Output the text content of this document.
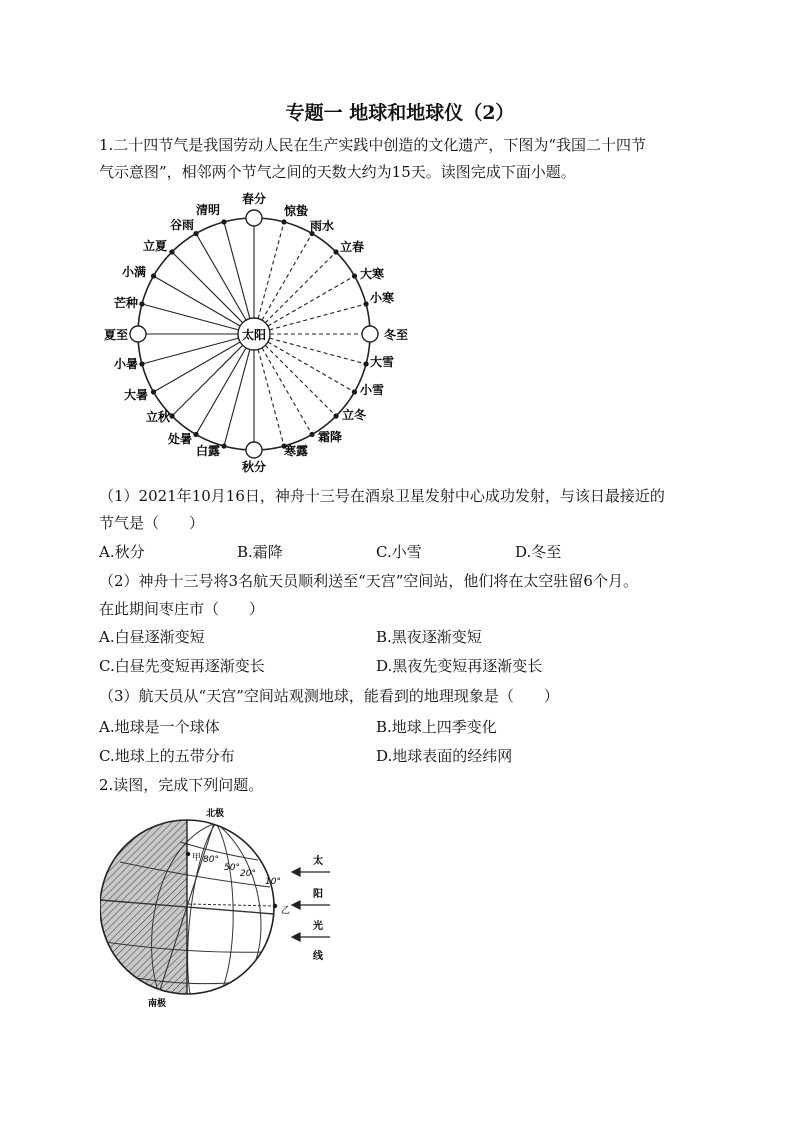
专题一 地球和地球仪（2）
1.二十四节气是我国劳动人民在生产实践中创造的文化遗产，下图为“我国二十四节
气示意图”，相邻两个节气之间的天数大约为15天。读图完成下面小题。
太阳
春分
秋分
夏至	冬至
清明
谷雨
立夏
小满
芒种
小暑
大暑
立秋
处暑
白露
惊蛰
雨水
立春
大寒
小寒
大雪
小雪
立冬
霜降
寒露
（1）2021年10月16日，神舟十三号在酒泉卫星发射中心成功发射，与该日最接近的
节气是（　　）
A.秋分	B.霜降	C.小雪	D.冬至
（2）神舟十三号将3名航天员顺利送至“天宫”空间站，他们将在太空驻留6个月。
在此期间枣庄市（　　）
A.白昼逐渐变短	B.黑夜逐渐变短
C.白昼先变短再逐渐变长	D.黑夜先变短再逐渐变长
（3）航天员从“天宫”空间站观测地球，能看到的地理现象是（　　）
A.地球是一个球体	B.地球上四季变化
C.地球上的五带分布	D.地球表面的经纬网
2.读图，完成下列问题。
北极
南极
甲 80°
50°
20°
10°
乙
太
阳
光
线
